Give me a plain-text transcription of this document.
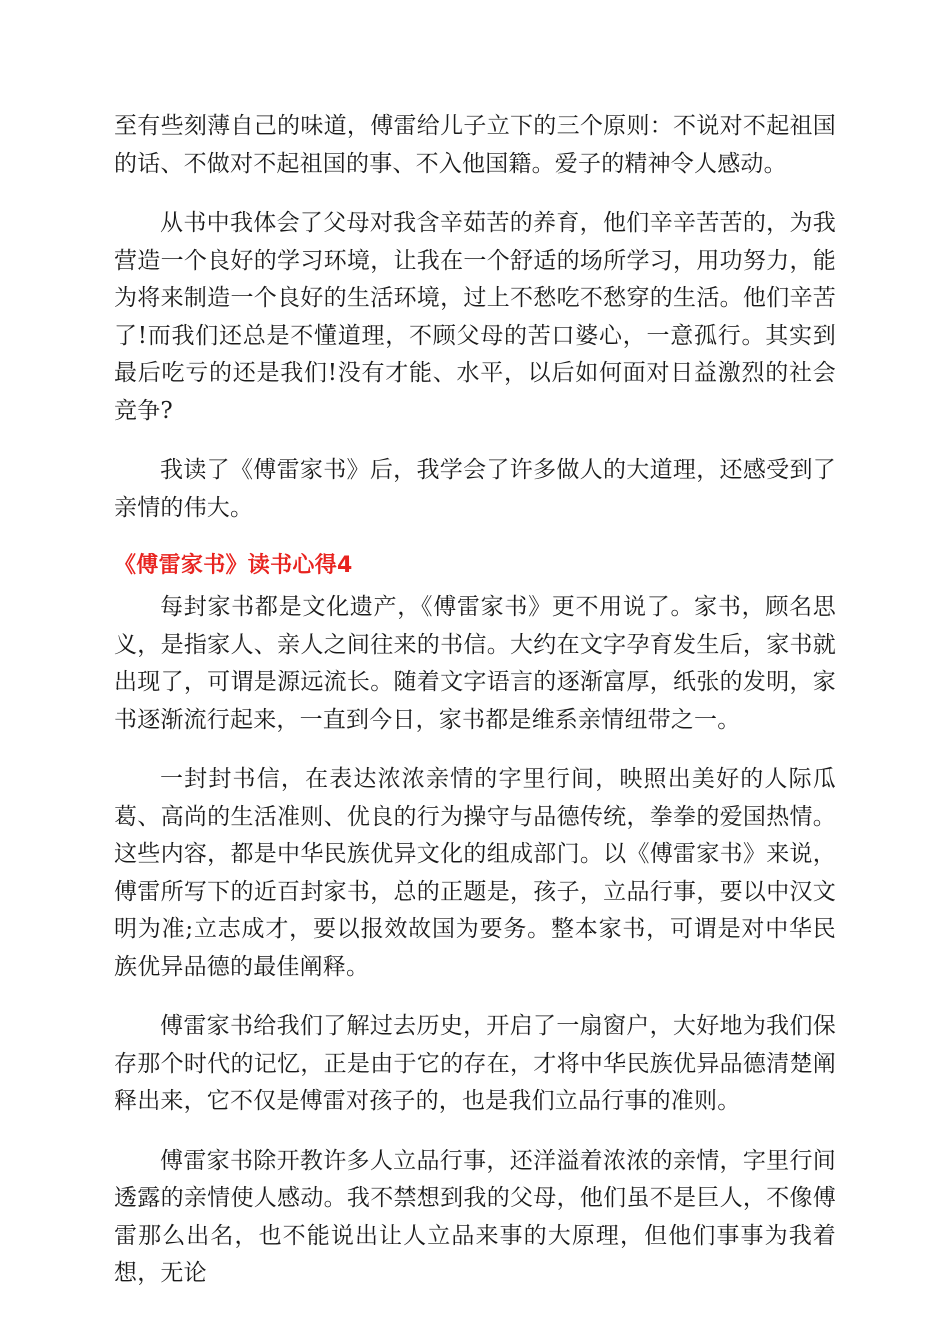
至有些刻薄自己的味道，傅雷给儿子立下的三个原则：不说对不起祖国的话、不做对不起祖国的事、不入他国籍。爱子的精神令人感动。

从书中我体会了父母对我含辛茹苦的养育，他们辛辛苦苦的，为我营造一个良好的学习环境，让我在一个舒适的场所学习，用功努力，能为将来制造一个良好的生活环境，过上不愁吃不愁穿的生活。他们辛苦了!而我们还总是不懂道理，不顾父母的苦口婆心，一意孤行。其实到最后吃亏的还是我们!没有才能、水平，以后如何面对日益激烈的社会竞争?

我读了《傅雷家书》后，我学会了许多做人的大道理，还感受到了亲情的伟大。

《傅雷家书》读书心得4

每封家书都是文化遗产，《傅雷家书》更不用说了。家书，顾名思义，是指家人、亲人之间往来的书信。大约在文字孕育发生后，家书就出现了，可谓是源远流长。随着文字语言的逐渐富厚，纸张的发明，家书逐渐流行起来，一直到今日，家书都是维系亲情纽带之一。

一封封书信，在表达浓浓亲情的字里行间，映照出美好的人际瓜葛、高尚的生活准则、优良的行为操守与品德传统，拳拳的爱国热情。这些内容，都是中华民族优异文化的组成部门。以《傅雷家书》来说，傅雷所写下的近百封家书，总的正题是，孩子，立品行事，要以中汉文明为准;立志成才，要以报效故国为要务。整本家书，可谓是对中华民族优异品德的最佳阐释。

傅雷家书给我们了解过去历史，开启了一扇窗户，大好地为我们保存那个时代的记忆，正是由于它的存在，才将中华民族优异品德清楚阐释出来，它不仅是傅雷对孩子的，也是我们立品行事的准则。

傅雷家书除开教许多人立品行事，还洋溢着浓浓的亲情，字里行间透露的亲情使人感动。我不禁想到我的父母，他们虽不是巨人，不像傅雷那么出名，也不能说出让人立品来事的大原理，但他们事事为我着想，无论
